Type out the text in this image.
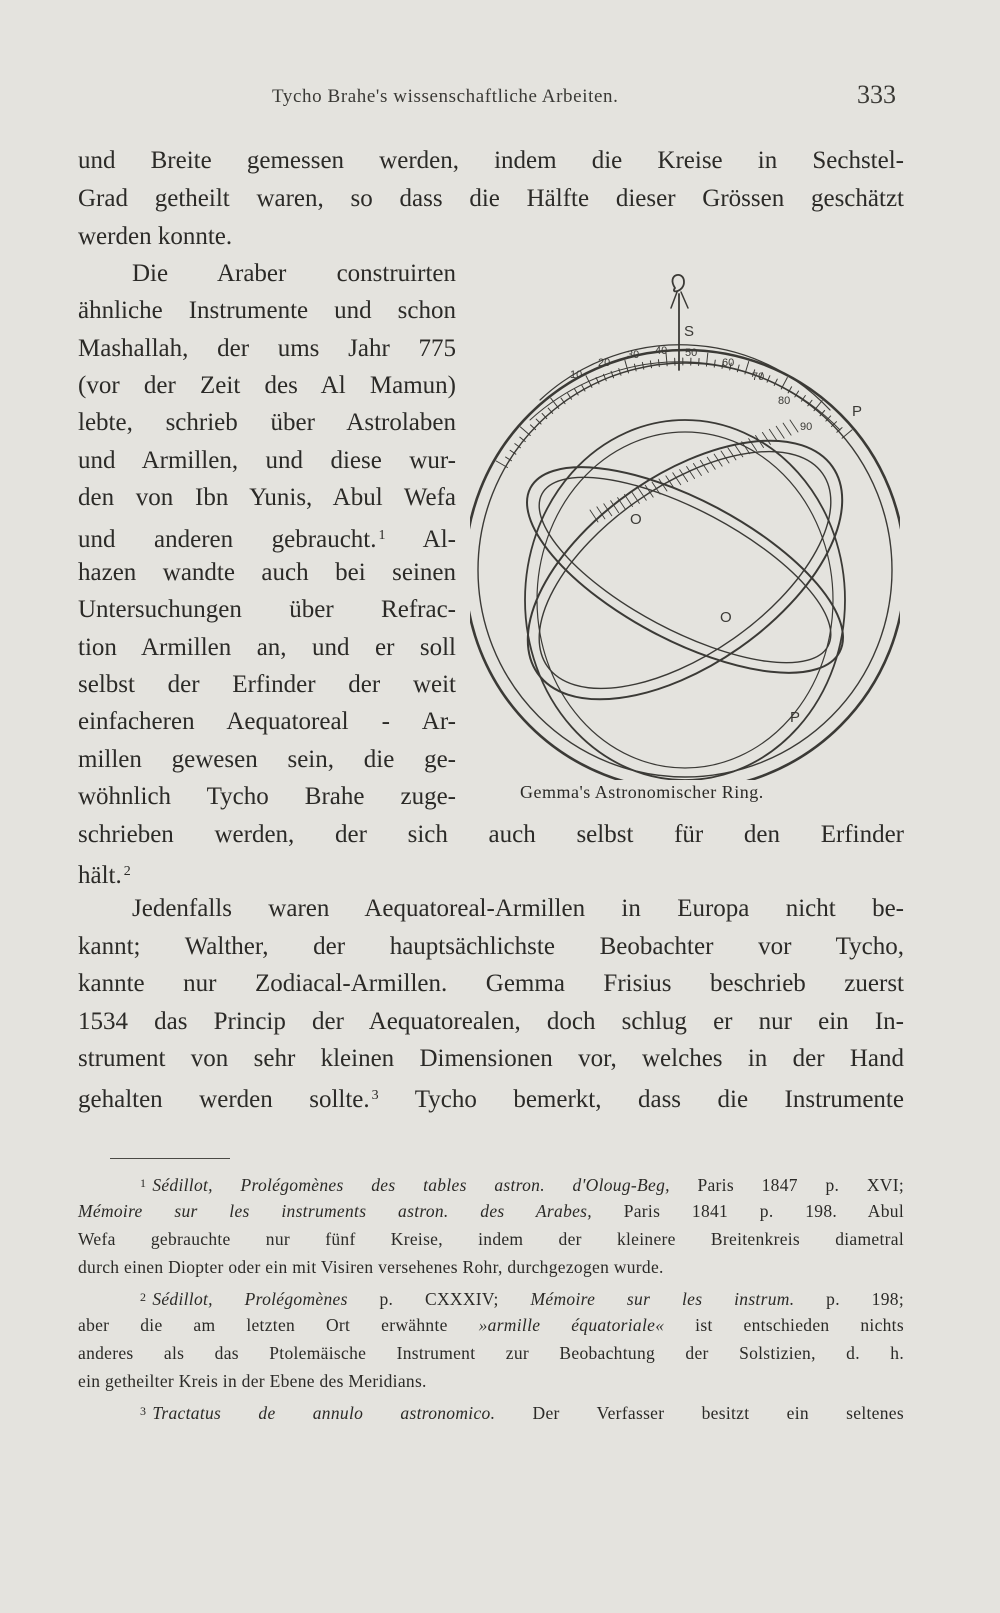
Tycho Brahe's wissenschaftliche Arbeiten.	333

und Breite gemessen werden, indem die Kreise in Sechstel-

Grad getheilt waren, so dass die Hälfte dieser Grössen geschätzt

werden konnte.

Die Araber construirten

ähnliche Instrumente und schon

Mashallah, der ums Jahr 775

(vor der Zeit des Al Mamun)

lebte, schrieb über Astrolaben

und Armillen, und diese wur-

den von Ibn Yunis, Abul Wefa

und anderen gebraucht. $^1$ Al-

hazen wandte auch bei seinen

Untersuchungen über Refrac-

tion Armillen an, und er soll

selbst der Erfinder der weit

einfacheren Aequatoreal - Ar-

millen gewesen sein, die ge-

wöhnlich Tycho Brahe zuge-

schrieben werden, der sich auch selbst für den Erfinder

hält. $^2$

Jedenfalls waren Aequatoreal-Armillen in Europa nicht be-

kannt; Walther, der hauptsächlichste Beobachter vor Tycho,

kannte nur Zodiacal-Armillen. Gemma Frisius beschrieb zuerst

1534 das Princip der Aequatorealen, doch schlug er nur ein In-

strument von sehr kleinen Dimensionen vor, welches in der Hand

gehalten werden sollte. $^3$ Tycho bemerkt, dass die Instrumente

10
20
30 40 50
60
70
80
90
S
P
P
O
O
Gemma's Astronomischer Ring.

$^1$ Sédillot, Prolégomènes des tables astron. d'Oloug-Beg, Paris 1847 p. XVI;

Mémoire sur les instruments astron. des Arabes, Paris 1841 p. 198. Abul

Wefa gebrauchte nur fünf Kreise, indem der kleinere Breitenkreis diametral

durch einen Diopter oder ein mit Visiren versehenes Rohr, durchgezogen wurde.

$^2$ Sédillot, Prolégomènes p. CXXXIV; Mémoire sur les instrum. p. 198;

aber die am letzten Ort erwähnte »armille équatoriale« ist entschieden nichts

anderes als das Ptolemäische Instrument zur Beobachtung der Solstizien, d. h.

ein getheilter Kreis in der Ebene des Meridians.

$^3$ Tractatus de annulo astronomico. Der Verfasser besitzt ein seltenes
